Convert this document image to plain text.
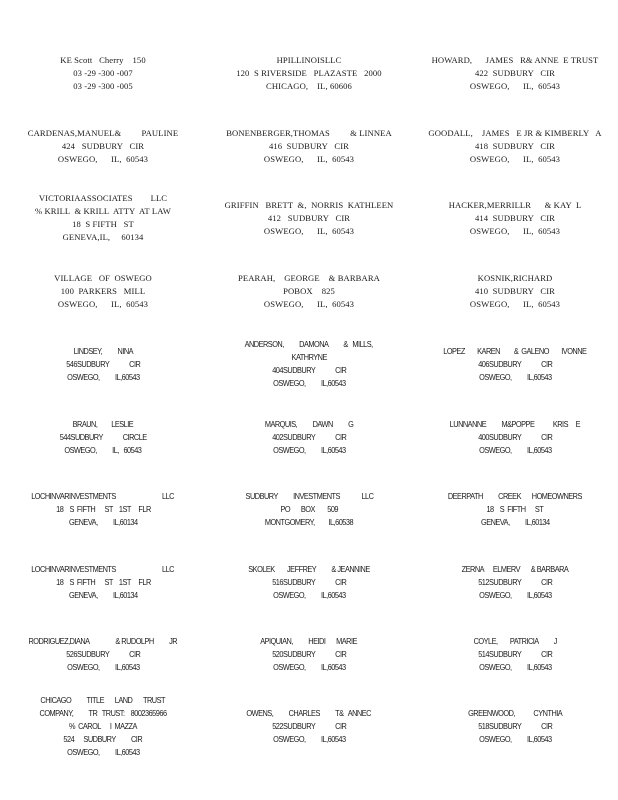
KE Scott   Cherry    150
03 -29 -300 -007
03 -29 -300 -005
HPILLINOISLLC
120  S RIVERSIDE   PLAZASTE   2000
CHICAGO,    IL, 60606
HOWARD,      JAMES   R& ANNE  E TRUST
422  SUDBURY   CIR
OSWEGO,      IL,  60543
CARDENAS,MANUEL&         PAULINE
424   SUDBURY   CIR
OSWEGO,      IL,  60543
BONENBERGER,THOMAS         & LINNEA
416  SUDBURY   CIR
OSWEGO,      IL,  60543
GOODALL,    JAMES   E JR & KIMBERLY   A
418  SUDBURY   CIR
OSWEGO,      IL,  60543
VICTORIAASSOCIATES        LLC
% KRILL  & KRILL  ATTY  AT LAW
18  S FIFTH   ST
GENEVA,IL,     60134
GRIFFIN   BRETT  &,  NORRIS  KATHLEEN
412   SUDBURY   CIR
OSWEGO,      IL,  60543
HACKER,MERRILLR      & KAY  L
414  SUDBURY   CIR
OSWEGO,      IL,  60543
VILLAGE   OF  OSWEGO
100  PARKERS   MILL
OSWEGO,      IL,  60543
PEARAH,    GEORGE    & BARBARA
POBOX    825
OSWEGO,      IL,  60543
KOSNIK,RICHARD
410  SUDBURY   CIR
OSWEGO,      IL,  60543
LINDSEY,          NINA
546SUDBURY             CIR
OSWEGO,          IL,60543
ANDERSON,          DAMONA          &   MILLS,
KATHRYNE
404SUDBURY             CIR
OSWEGO,          IL,60543
LOPEZ        KAREN         &  GALENO        IVONNE
406SUDBURY             CIR
OSWEGO,          IL,60543
BRAUN,         LESLIE
544SUDBURY             CIRCLE
OSWEGO,          IL,   60543
MARQUIS,          DAWN          G
402SUDBURY             CIR
OSWEGO,          IL,60543
LUNNANNE          M&POPPE            KRIS     E
400SUDBURY             CIR
OSWEGO,          IL,60543
LOCHINVARINVESTMENTS                              LLC
18    S  FIFTH      ST    1ST     FLR
GENEVA,          IL,60134
SUDBURY          INVESTMENTS              LLC
PO       BOX        509
MONTGOMERY,         IL,60538
DEERPATH          CREEK       HOMEOWNERS
18    S  FIFTH      ST
GENEVA,          IL,60134
LOCHINVARINVESTMENTS                              LLC
18    S  FIFTH      ST    1ST     FLR
GENEVA,          IL,60134
SKOLEK        JEFFREY          & JEANNINE
516SUDBURY             CIR
OSWEGO,          IL,60543
ZERNA      ELMERV       & BARBARA
512SUDBURY             CIR
OSWEGO,          IL,60543
RODRIGUEZ,DIANA                 & RUDOLPH          JR
526SUDBURY             CIR
OSWEGO,          IL,60543
APIQUIAN,          HEIDI       MARIE
520SUDBURY             CIR
OSWEGO,          IL,60543
COYLE,        PATRICIA          J
514SUDBURY             CIR
OSWEGO,          IL,60543
CHICAGO          TITLE       LAND       TRUST
COMPANY,          TR   TRUST:    8002365966
%  CAROL      I  MAZZA
524      SUDBURY          CIR
OSWEGO,          IL,60543
OWENS,          CHARLES          T&   ANNEC
522SUDBURY             CIR
OSWEGO,          IL,60543
GREENWOOD,            CYNTHIA
518SUDBURY             CIR
OSWEGO,          IL,60543
